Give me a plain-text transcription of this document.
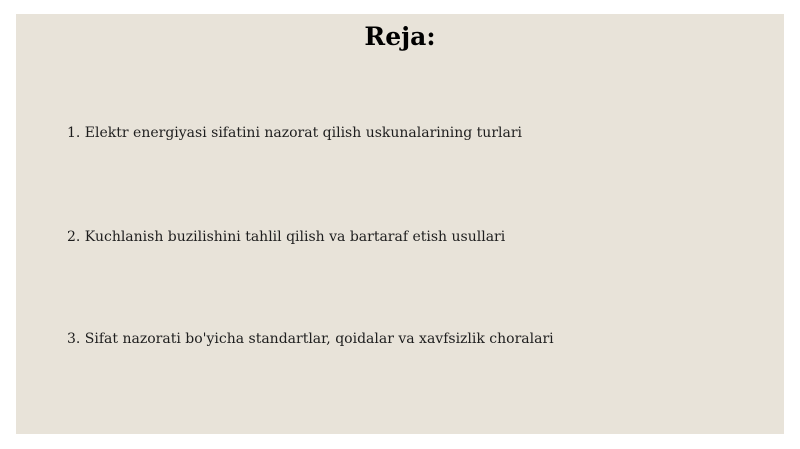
Reja:
1. Elektr energiyasi sifatini nazorat qilish uskunalarining turlari
2. Kuchlanish buzilishini tahlil qilish va bartaraf etish usullari
3. Sifat nazorati bo'yicha standartlar, qoidalar va xavfsizlik choralari
